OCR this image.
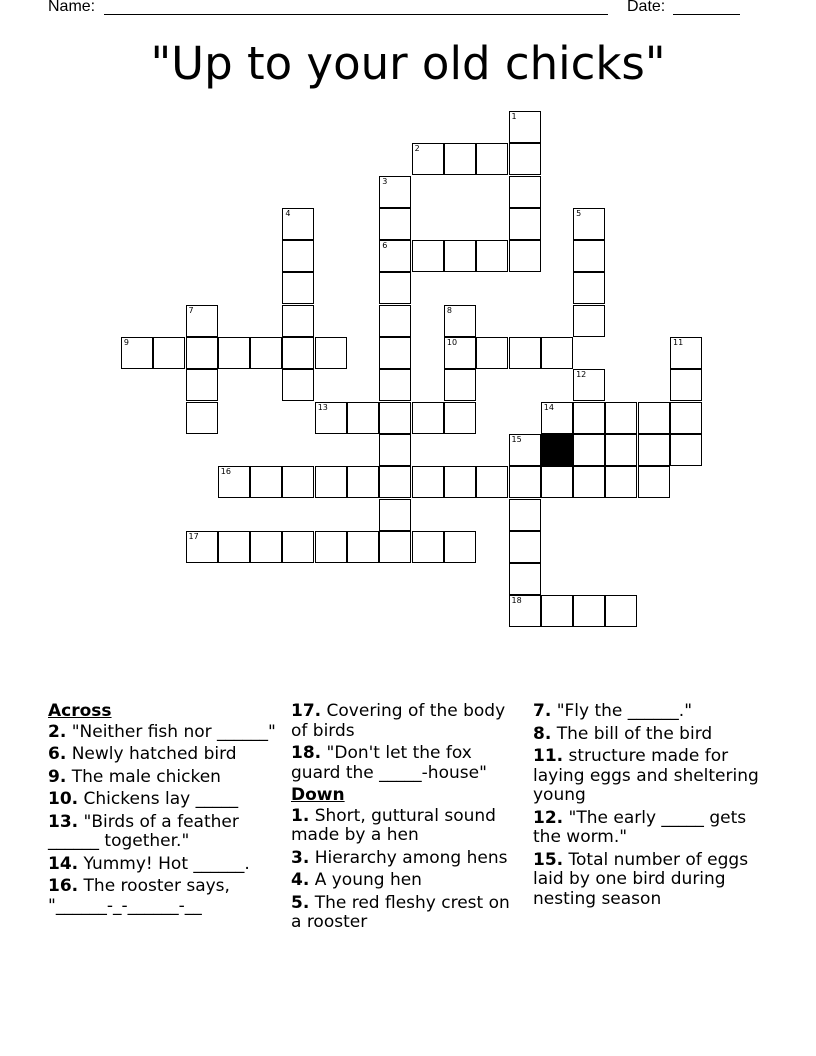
Name:	Date:
"Up to your old chicks"
1
2
3
4	5
6
7	8
9	10	11
12
13	14
15
16
17
18
Across
2. "Neither fish nor ______"
6. Newly hatched bird
9. The male chicken
10. Chickens lay _____
13. "Birds of a feather ______ together."
14. Yummy! Hot ______.
16. The rooster says, "______-_-______-__
17. Covering of the body of birds
18. "Don't let the fox guard the _____-house"
Down
1. Short, guttural sound made by a hen
3. Hierarchy among hens
4. A young hen
5. The red fleshy crest on a rooster
7. "Fly the ______."
8. The bill of the bird
11. structure made for laying eggs and sheltering young
12. "The early _____ gets the worm."
15. Total number of eggs laid by one bird during nesting season
